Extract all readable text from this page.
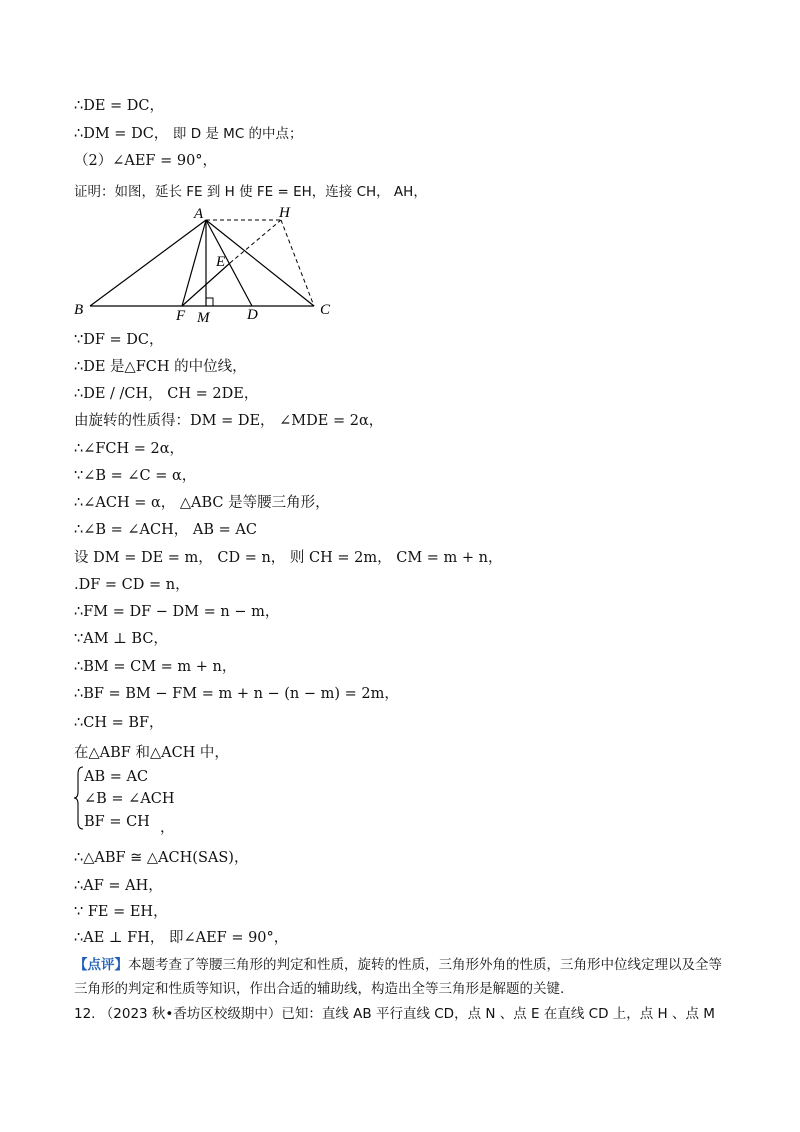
∴DE = DC，
∴DM = DC， 即 D 是 MC 的中点；
（2）∠AEF = 90°，
证明：如图，延长 FE 到 H 使 FE = EH，连接 CH， AH，
A	H
E
B	F M	D	C
∵DF = DC，
∴DE 是△FCH 的中位线，
∴DE / /CH， CH = 2DE，
由旋转的性质得：DM = DE， ∠MDE = 2α，
∴∠FCH = 2α，
∵∠B = ∠C = α，
∴∠ACH = α， △ABC 是等腰三角形，
∴∠B = ∠ACH， AB = AC
设 DM = DE = m， CD = n， 则 CH = 2m， CM = m + n，
.DF = CD = n，
∴FM = DF − DM = n − m，
∵AM ⊥ BC，
∴BM = CM = m + n，
∴BF = BM − FM = m + n − (n − m) = 2m，
∴CH = BF，
在△ABF 和△ACH 中，
AB = AC
∠B = ∠ACH
BF = CH ，
∴△ABF ≅ △ACH(SAS)，
∴AF = AH，
∵ FE = EH，
∴AE ⊥ FH， 即∠AEF = 90°，
【点评】本题考查了等腰三角形的判定和性质，旋转的性质，三角形外角的性质，三角形中位线定理以及全等三角形的判定和性质等知识，作出合适的辅助线，构造出全等三角形是解题的关键.
12. （2023 秋•香坊区校级期中）已知：直线 AB 平行直线 CD，点 N 、点 E 在直线 CD 上，点 H 、点 M
